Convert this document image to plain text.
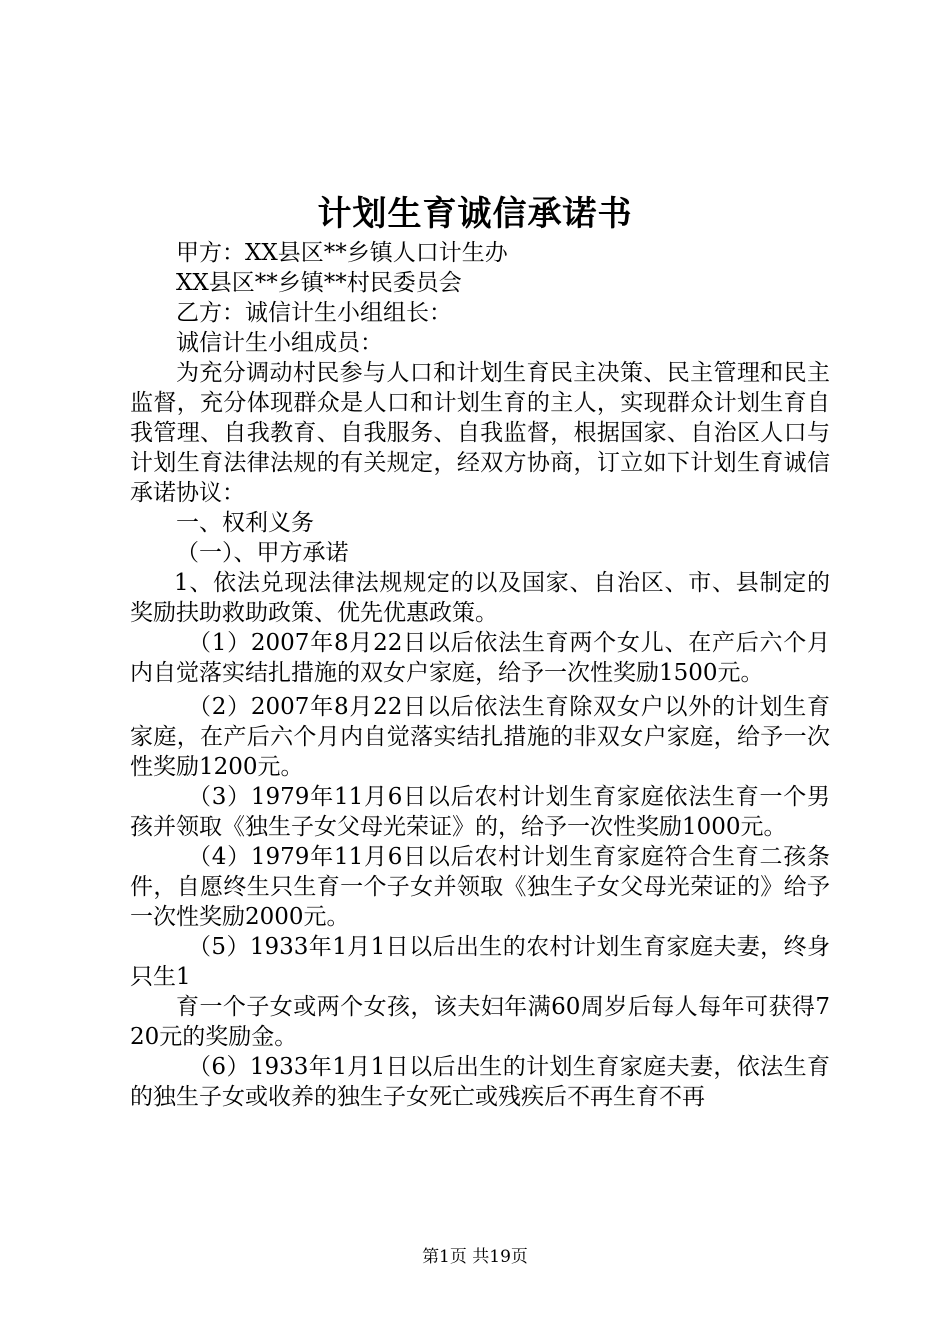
计划生育诚信承诺书

甲方：XX县区**乡镇人口计生办

XX县区**乡镇**村民委员会

乙方：诚信计生小组组长：

诚信计生小组成员：

为充分调动村民参与人口和计划生育民主决策、民主管理和民主监督，充分体现群众是人口和计划生育的主人，实现群众计划生育自我管理、自我教育、自我服务、自我监督，根据国家、自治区人口与计划生育法律法规的有关规定，经双方协商，订立如下计划生育诚信承诺协议：

一、权利义务

（一）、甲方承诺

1、依法兑现法律法规规定的以及国家、自治区、市、县制定的奖励扶助救助政策、优先优惠政策。

（1）2007年8月22日以后依法生育两个女儿、在产后六个月内自觉落实结扎措施的双女户家庭，给予一次性奖励1500元。

（2）2007年8月22日以后依法生育除双女户以外的计划生育家庭，在产后六个月内自觉落实结扎措施的非双女户家庭，给予一次性奖励1200元。

（3）1979年11月6日以后农村计划生育家庭依法生育一个男孩并领取《独生子女父母光荣证》的，给予一次性奖励1000元。

（4）1979年11月6日以后农村计划生育家庭符合生育二孩条件，自愿终生只生育一个子女并领取《独生子女父母光荣证的》给予一次性奖励2000元。

（5）1933年1月1日以后出生的农村计划生育家庭夫妻，终身只生1

育一个子女或两个女孩，该夫妇年满60周岁后每人每年可获得720元的奖励金。

（6）1933年1月1日以后出生的计划生育家庭夫妻，依法生育的独生子女或收养的独生子女死亡或残疾后不再生育不再

第1页 共19页
